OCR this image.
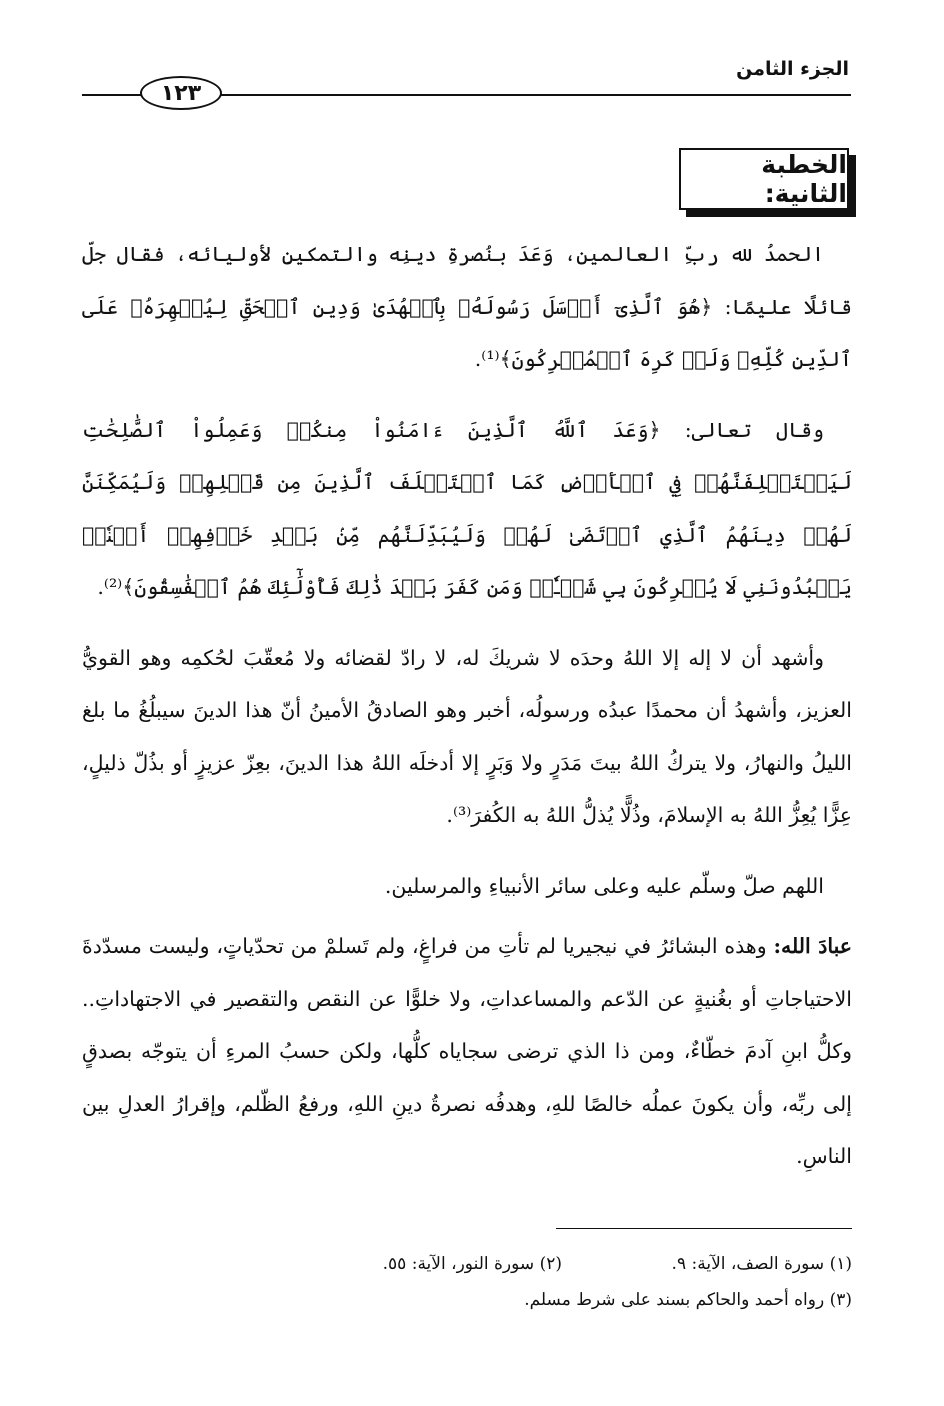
الجزء الثامن
١٢٣
الخطبة الثانية:

الحمدُ لله ربِّ العالمين، وَعَدَ بنُصرةِ دينِه والتمكينِ لأوليائه، فقال جلّ قائلًا عليمًا: ﴿هُوَ ٱلَّذِىٓ أَرۡسَلَ رَسُولَهُۥ بِٱلۡهُدَىٰ وَدِينِ ٱلۡحَقِّ لِيُظۡهِرَهُۥ عَلَى ٱلدِّينِ كُلِّهِۦ وَلَوۡ كَرِهَ ٱلۡمُشۡرِكُونَ﴾⁽¹⁾.

وقال تعالى: ﴿وَعَدَ ٱللَّهُ ٱلَّذِينَ ءَامَنُواْ مِنكُمۡ وَعَمِلُواْ ٱلصَّٰلِحَٰتِ لَيَسۡتَخۡلِفَنَّهُمۡ فِي ٱلۡأَرۡضِ كَمَا ٱسۡتَخۡلَفَ ٱلَّذِينَ مِن قَبۡلِهِمۡ وَلَيُمَكِّنَنَّ لَهُمۡ دِينَهُمُ ٱلَّذِي ٱرۡتَضَىٰ لَهُمۡ وَلَيُبَدِّلَنَّهُم مِّنۢ بَعۡدِ خَوۡفِهِمۡ أَمۡنٗاۚ يَعۡبُدُونَنِي لَا يُشۡرِكُونَ بِي شَيۡـٔٗاۚ وَمَن كَفَرَ بَعۡدَ ذَٰلِكَ فَأُوْلَٰٓئِكَ هُمُ ٱلۡفَٰسِقُونَ﴾⁽²⁾.

وأشهد أن لا إله إلا اللهُ وحدَه لا شريكَ له، لا رادّ لقضائه ولا مُعقّبَ لحُكمِه وهو القويُّ العزيز، وأشهدُ أن محمدًا عبدُه ورسولُه، أخبر وهو الصادقُ الأمينُ أنّ هذا الدينَ سيبلُغُ ما بلغ الليلُ والنهارُ، ولا يتركُ اللهُ بيتَ مَدَرٍ ولا وَبَرٍ إلا أدخلَه اللهُ هذا الدينَ، بعِزّ عزيزٍ أو بذُلّ ذليلٍ، عِزًّا يُعِزُّ اللهُ به الإسلامَ، وذُلًّا يُذلُّ اللهُ به الكُفرَ⁽³⁾.

اللهم صلّ وسلّم عليه وعلى سائر الأنبياءِ والمرسلين.

عبادَ الله: وهذه البشائرُ في نيجيريا لم تأتِ من فراغٍ، ولم تَسلمْ من تحدّياتٍ، وليست مسدّدةَ الاحتياجاتِ أو بغُنيةٍ عن الدّعم والمساعداتِ، ولا خلوًّا عن النقص والتقصير في الاجتهاداتِ.. وكلُّ ابنِ آدمَ خطّاءٌ، ومن ذا الذي ترضى سجاياه كلُّها، ولكن حسبُ المرءِ أن يتوجّه بصدقٍ إلى ربِّه، وأن يكونَ عملُه خالصًا للهِ، وهدفُه نصرةُ دينِ اللهِ، ورفعُ الظّلم، وإقرارُ العدلِ بين الناسِ.

(١) سورة الصف، الآية: ٩.
(٢) سورة النور، الآية: ٥٥.
(٣) رواه أحمد والحاكم بسند على شرط مسلم.
